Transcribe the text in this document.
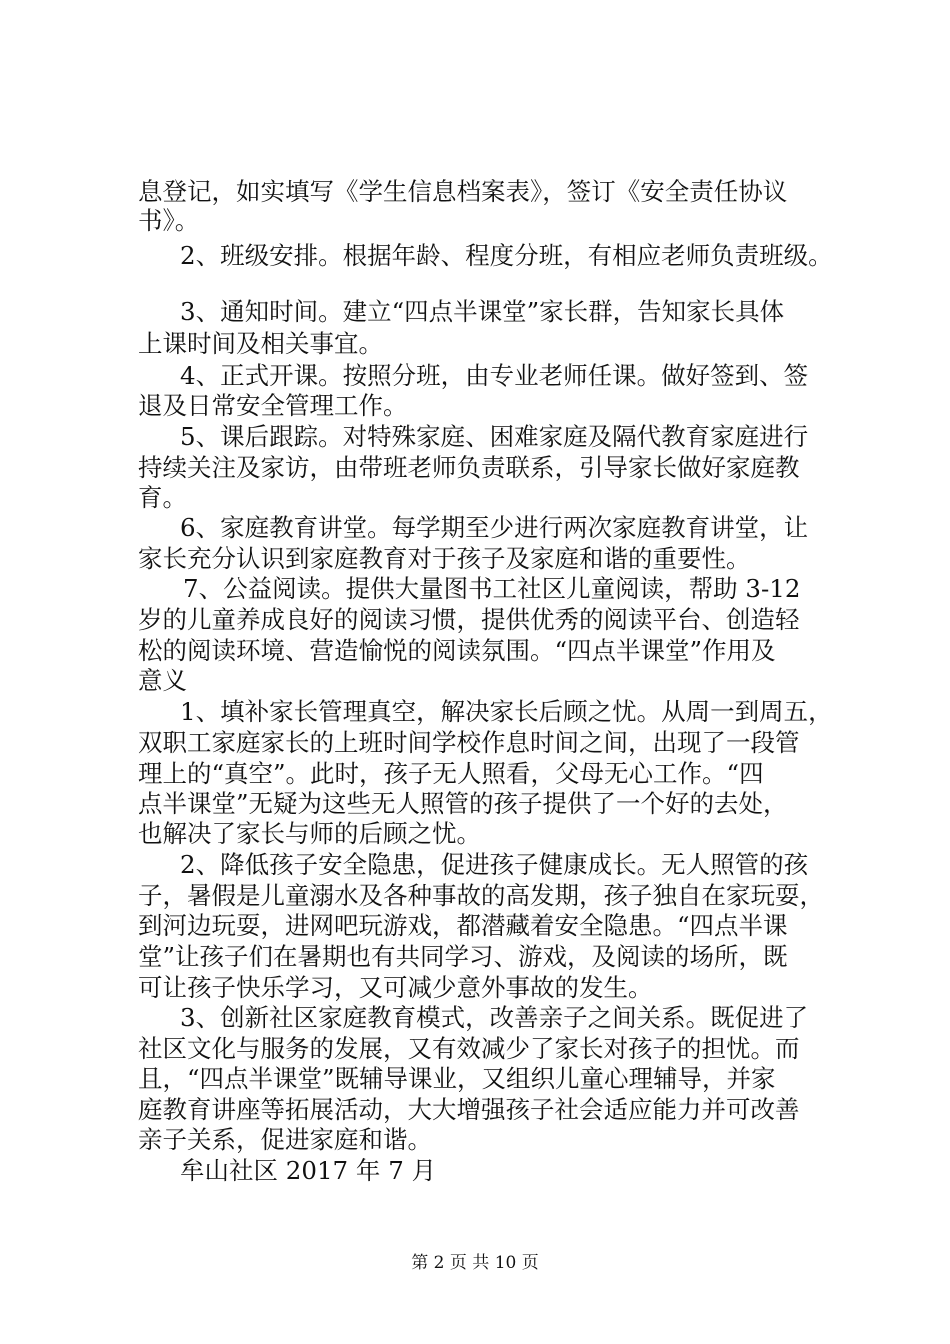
息登记，如实填写《学生信息档案表》，签订《安全责任协议
书》。
2、班级安排。根据年龄、程度分班，有相应老师负责班级。
3、通知时间。建立“四点半课堂”家长群，告知家长具体
上课时间及相关事宜。
4、正式开课。按照分班，由专业老师任课。做好签到、签
退及日常安全管理工作。
5、课后跟踪。对特殊家庭、困难家庭及隔代教育家庭进行
持续关注及家访，由带班老师负责联系，引导家长做好家庭教
育。
6、家庭教育讲堂。每学期至少进行两次家庭教育讲堂，让
家长充分认识到家庭教育对于孩子及家庭和谐的重要性。
7、公益阅读。提供大量图书工社区儿童阅读，帮助 3-12
岁的儿童养成良好的阅读习惯，提供优秀的阅读平台、创造轻
松的阅读环境、营造愉悦的阅读氛围。“四点半课堂”作用及
意义
1、填补家长管理真空，解决家长后顾之忧。从周一到周五，
双职工家庭家长的上班时间学校作息时间之间，出现了一段管
理上的“真空”。此时，孩子无人照看，父母无心工作。“四
点半课堂”无疑为这些无人照管的孩子提供了一个好的去处，
也解决了家长与师的后顾之忧。
2、降低孩子安全隐患，促进孩子健康成长。无人照管的孩
子，暑假是儿童溺水及各种事故的高发期，孩子独自在家玩耍，
到河边玩耍，进网吧玩游戏，都潜藏着安全隐患。“四点半课
堂”让孩子们在暑期也有共同学习、游戏，及阅读的场所，既
可让孩子快乐学习，又可减少意外事故的发生。
3、创新社区家庭教育模式，改善亲子之间关系。既促进了
社区文化与服务的发展，又有效减少了家长对孩子的担忧。而
且，“四点半课堂”既辅导课业，又组织儿童心理辅导，并家
庭教育讲座等拓展活动，大大增强孩子社会适应能力并可改善
亲子关系，促进家庭和谐。
牟山社区 2017 年 7 月
第 2 页 共 10 页
